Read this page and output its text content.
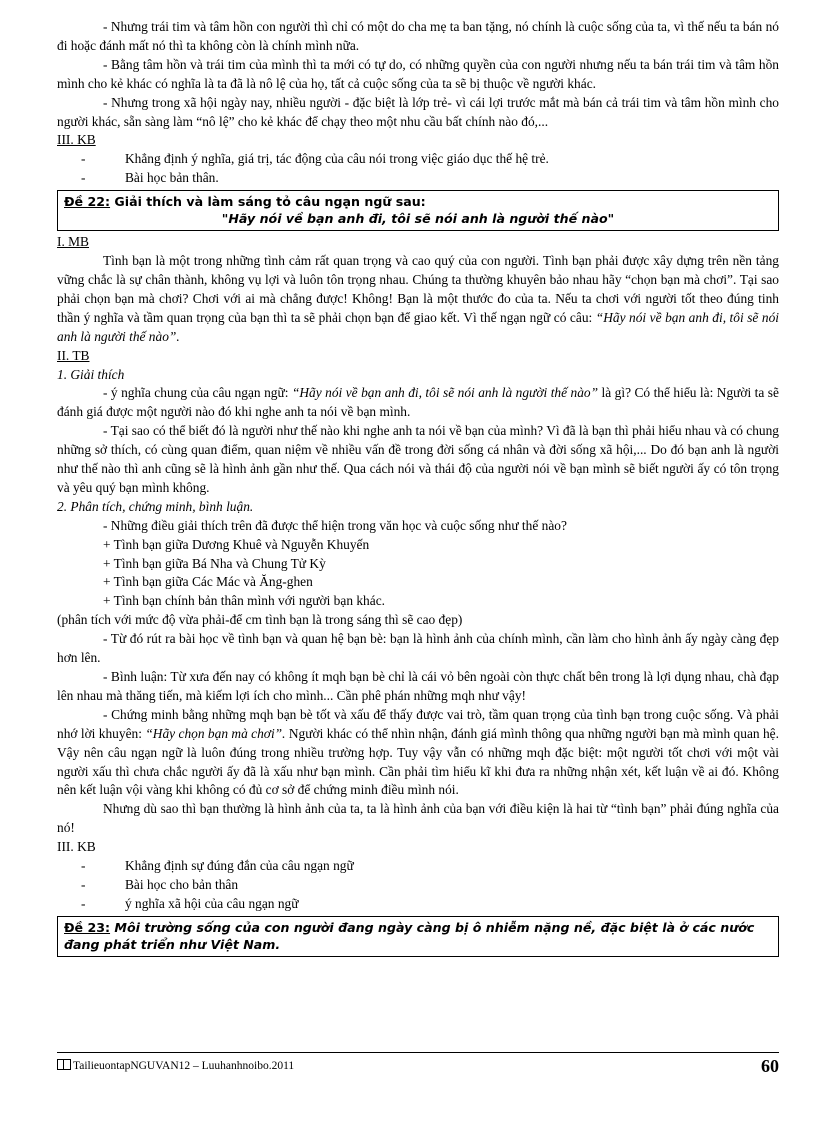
- Nhưng trái tim và tâm hồn con người thì chỉ có một do cha mẹ ta ban tặng, nó chính là cuộc sống của ta, vì thế nếu ta bán nó đi hoặc đánh mất nó thì ta không còn là chính mình nữa.

- Bằng tâm hồn và trái tim của mình thì ta mới có tự do, có những quyền của con người nhưng nếu ta bán trái tim và tâm hồn mình cho kẻ khác có nghĩa là ta đã là nô lệ của họ, tất cả cuộc sống của ta sẽ bị thuộc về người khác.

- Nhưng trong xã hội ngày nay, nhiều người - đặc biệt là lớp trẻ- vì cái lợi trước mắt mà bán cả trái tim và tâm hồn mình cho người khác, sẵn sàng làm “nô lệ” cho kẻ khác để chạy theo một nhu cầu bất chính nào đó,...

III. KB

-	Khẳng định ý nghĩa, giá trị, tác động của câu nói trong việc giáo dục thế hệ trẻ.

-	Bài học bản thân.

Đề 22: Giải thích và làm sáng tỏ câu ngạn ngữ sau:
"Hãy nói về bạn anh đi, tôi sẽ nói anh là người thế nào"

I. MB

Tình bạn là một trong những tình cảm rất quan trọng và cao quý của con người. Tình bạn phải được xây dựng trên nền tảng vững chắc là sự chân thành, không vụ lợi và luôn tôn trọng nhau. Chúng ta thường khuyên bảo nhau hãy “chọn bạn mà chơi”. Tại sao phải chọn bạn mà chơi? Chơi với ai mà chẳng được! Không! Bạn là một thước đo của ta. Nếu ta chơi với người tốt theo đúng tinh thần ý nghĩa và tầm quan trọng của bạn thì ta sẽ phải chọn bạn để giao kết. Vì thế ngạn ngữ có câu: “Hãy nói về bạn anh đi, tôi sẽ nói anh là người thế nào”.

II. TB

1. Giải thích

- ý nghĩa chung của câu ngạn ngữ: “Hãy nói về bạn anh đi, tôi sẽ nói anh là người thế nào” là gì? Có thể hiểu là: Người ta sẽ đánh giá được một người nào đó khi nghe anh ta nói về bạn mình.

- Tại sao có thể biết đó là người như thế nào khi nghe anh ta nói về bạn của mình? Vì đã là bạn thì phải hiểu nhau và có chung những sở thích, có cùng quan điểm, quan niệm về nhiều vấn đề trong đời sống cá nhân và đời sống xã hội,... Do đó bạn anh là người như thế nào thì anh cũng sẽ là hình ảnh gần như thế. Qua cách nói và thái độ của người nói về bạn mình sẽ biết người ấy có tôn trọng và yêu quý bạn mình không.

2. Phân tích, chứng minh, bình luận.

- Những điều giải thích trên đã được thể hiện trong văn học và cuộc sống như thế nào?

+ Tình bạn giữa Dương Khuê và Nguyễn Khuyến

+ Tình bạn giữa Bá Nha và Chung Tử Kỳ

+ Tình bạn giữa Các Mác và Ăng-ghen

+ Tình bạn chính bản thân mình với người bạn khác.

(phân tích với mức độ vừa phải-để cm tình bạn là trong sáng thì sẽ cao đẹp)

- Từ đó rút ra bài học về tình bạn và quan hệ bạn bè: bạn là hình ảnh của chính mình, cần làm cho hình ảnh ấy ngày càng đẹp hơn lên.

- Bình luận: Từ xưa đến nay có không ít mqh bạn bè chỉ là cái vỏ bên ngoài còn thực chất bên trong là lợi dụng nhau, chà đạp lên nhau mà thăng tiến, mà kiếm lợi ích cho mình... Cần phê phán những mqh như vậy!

- Chứng minh bằng những mqh bạn bè tốt và xấu để thấy được vai trò, tầm quan trọng của tình bạn trong cuộc sống. Và phải nhớ lời khuyên: “Hãy chọn bạn mà chơi”. Người khác có thể nhìn nhận, đánh giá mình thông qua những người bạn mà mình quan hệ. Vậy nên câu ngạn ngữ là luôn đúng trong nhiều trường hợp. Tuy vậy vẫn có những mqh đặc biệt: một người tốt chơi với một vài người xấu thì chưa chắc người ấy đã là xấu như bạn mình. Cần phải tìm hiểu kĩ khi đưa ra những nhận xét, kết luận về ai đó. Không nên kết luận vội vàng khi không có đủ cơ sở để chứng minh điều mình nói.

Nhưng dù sao thì bạn thường là hình ảnh của ta, ta là hình ảnh của bạn với điều kiện là hai từ “tình bạn” phải đúng nghĩa của nó!

III. KB

-	Khẳng định sự đúng đắn của câu ngạn ngữ

-	Bài học cho bản thân

-	ý nghĩa xã hội của câu ngạn ngữ

Đề 23: Môi trường sống của con người đang ngày càng bị ô nhiễm nặng nề, đặc biệt là ở các nước đang phát triển như Việt Nam.
TailieuontapNGUVAN12 – Luuhanhnoibo.2011	60
